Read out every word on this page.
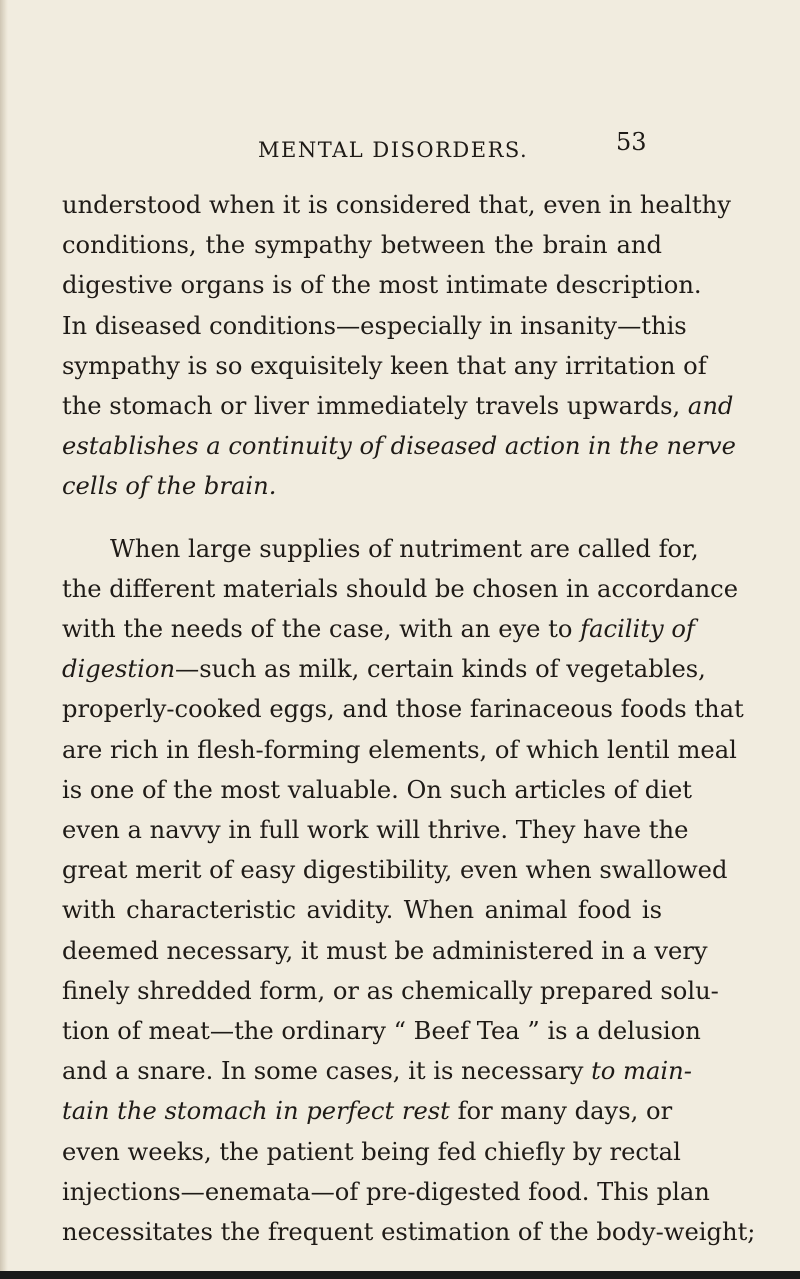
MENTAL DISORDERS.	53
understood when it is considered that, even in healthy
conditions, the sympathy between the brain and
digestive organs is of the most intimate description.
In diseased conditions—especially in insanity—this
sympathy is so exquisitely keen that any irritation of
the stomach or liver immediately travels upwards, and
establishes a continuity of diseased action in the nerve
cells of the brain.
When large supplies of nutriment are called for,
the different materials should be chosen in accordance
with the needs of the case, with an eye to facility of
digestion—such as milk, certain kinds of vegetables,
properly-cooked eggs, and those farinaceous foods that
are rich in flesh-forming elements, of which lentil meal
is one of the most valuable. On such articles of diet
even a navvy in full work will thrive. They have the
great merit of easy digestibility, even when swallowed
with characteristic avidity. When animal food is
deemed necessary, it must be administered in a very
finely shredded form, or as chemically prepared solu-
tion of meat—the ordinary “ Beef Tea ” is a delusion
and a snare. In some cases, it is necessary to main-
tain the stomach in perfect rest for many days, or
even weeks, the patient being fed chiefly by rectal
injections—enemata—of pre-digested food. This plan
necessitates the frequent estimation of the body-weight;
